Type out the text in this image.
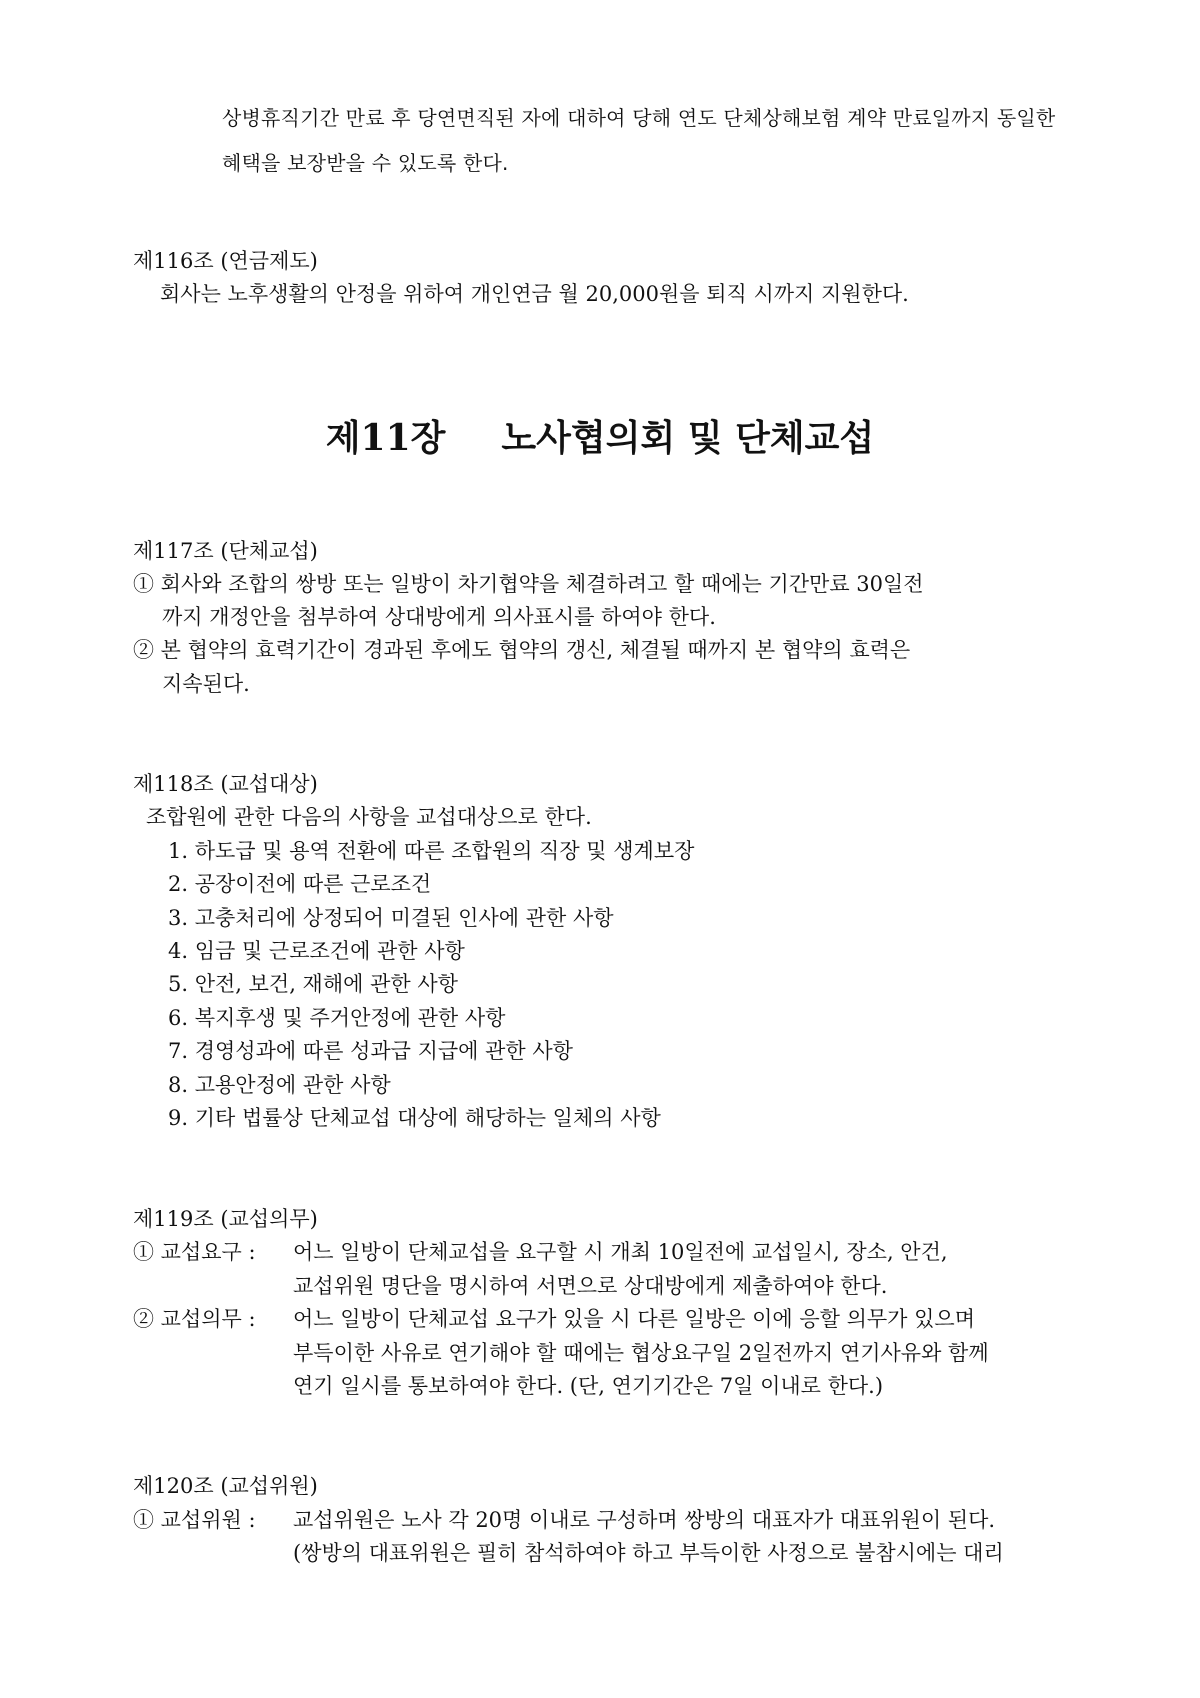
상병휴직기간 만료 후 당연면직된 자에 대하여 당해 연도 단체상해보험 계약 만료일까지 동일한
혜택을 보장받을 수 있도록 한다.
제116조 (연금제도)
회사는 노후생활의 안정을 위하여 개인연금 월 20,000원을 퇴직 시까지 지원한다.
제11장 노사협의회 및 단체교섭
제117조 (단체교섭)
① 회사와 조합의 쌍방 또는 일방이 차기협약을 체결하려고 할 때에는 기간만료 30일전
까지 개정안을 첨부하여 상대방에게 의사표시를 하여야 한다.
② 본 협약의 효력기간이 경과된 후에도 협약의 갱신, 체결될 때까지 본 협약의 효력은
지속된다.
제118조 (교섭대상)
조합원에 관한 다음의 사항을 교섭대상으로 한다.
1. 하도급 및 용역 전환에 따른 조합원의 직장 및 생계보장
2. 공장이전에 따른 근로조건
3. 고충처리에 상정되어 미결된 인사에 관한 사항
4. 임금 및 근로조건에 관한 사항
5. 안전, 보건, 재해에 관한 사항
6. 복지후생 및 주거안정에 관한 사항
7. 경영성과에 따른 성과급 지급에 관한 사항
8. 고용안정에 관한 사항
9. 기타 법률상 단체교섭 대상에 해당하는 일체의 사항
제119조 (교섭의무)
① 교섭요구 : 어느 일방이 단체교섭을 요구할 시 개최 10일전에 교섭일시, 장소, 안건,
교섭위원 명단을 명시하여 서면으로 상대방에게 제출하여야 한다.
② 교섭의무 : 어느 일방이 단체교섭 요구가 있을 시 다른 일방은 이에 응할 의무가 있으며
부득이한 사유로 연기해야 할 때에는 협상요구일 2일전까지 연기사유와 함께
연기 일시를 통보하여야 한다. (단, 연기기간은 7일 이내로 한다.)
제120조 (교섭위원)
① 교섭위원 : 교섭위원은 노사 각 20명 이내로 구성하며 쌍방의 대표자가 대표위원이 된다.
(쌍방의 대표위원은 필히 참석하여야 하고 부득이한 사정으로 불참시에는 대리
